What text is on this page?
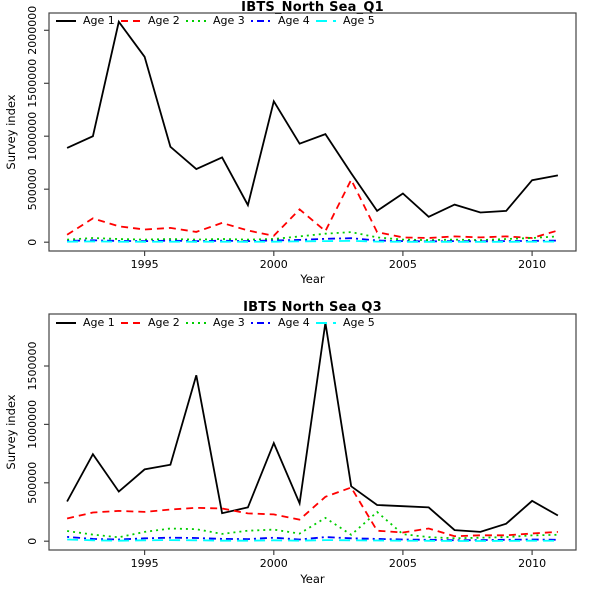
IBTS_North Sea_Q1
1995	2000	2005	2010
0
500000
1000000
1500000
2000000	Age 1	Age 2	Age 3	Age 4	Age 5
Year
Survey index
IBTS North Sea Q3
1995	2000	2005	2010
0
500000
1000000
1500000
Age 1	Age 2	Age 3	Age 4	Age 5
Year
Survey index
